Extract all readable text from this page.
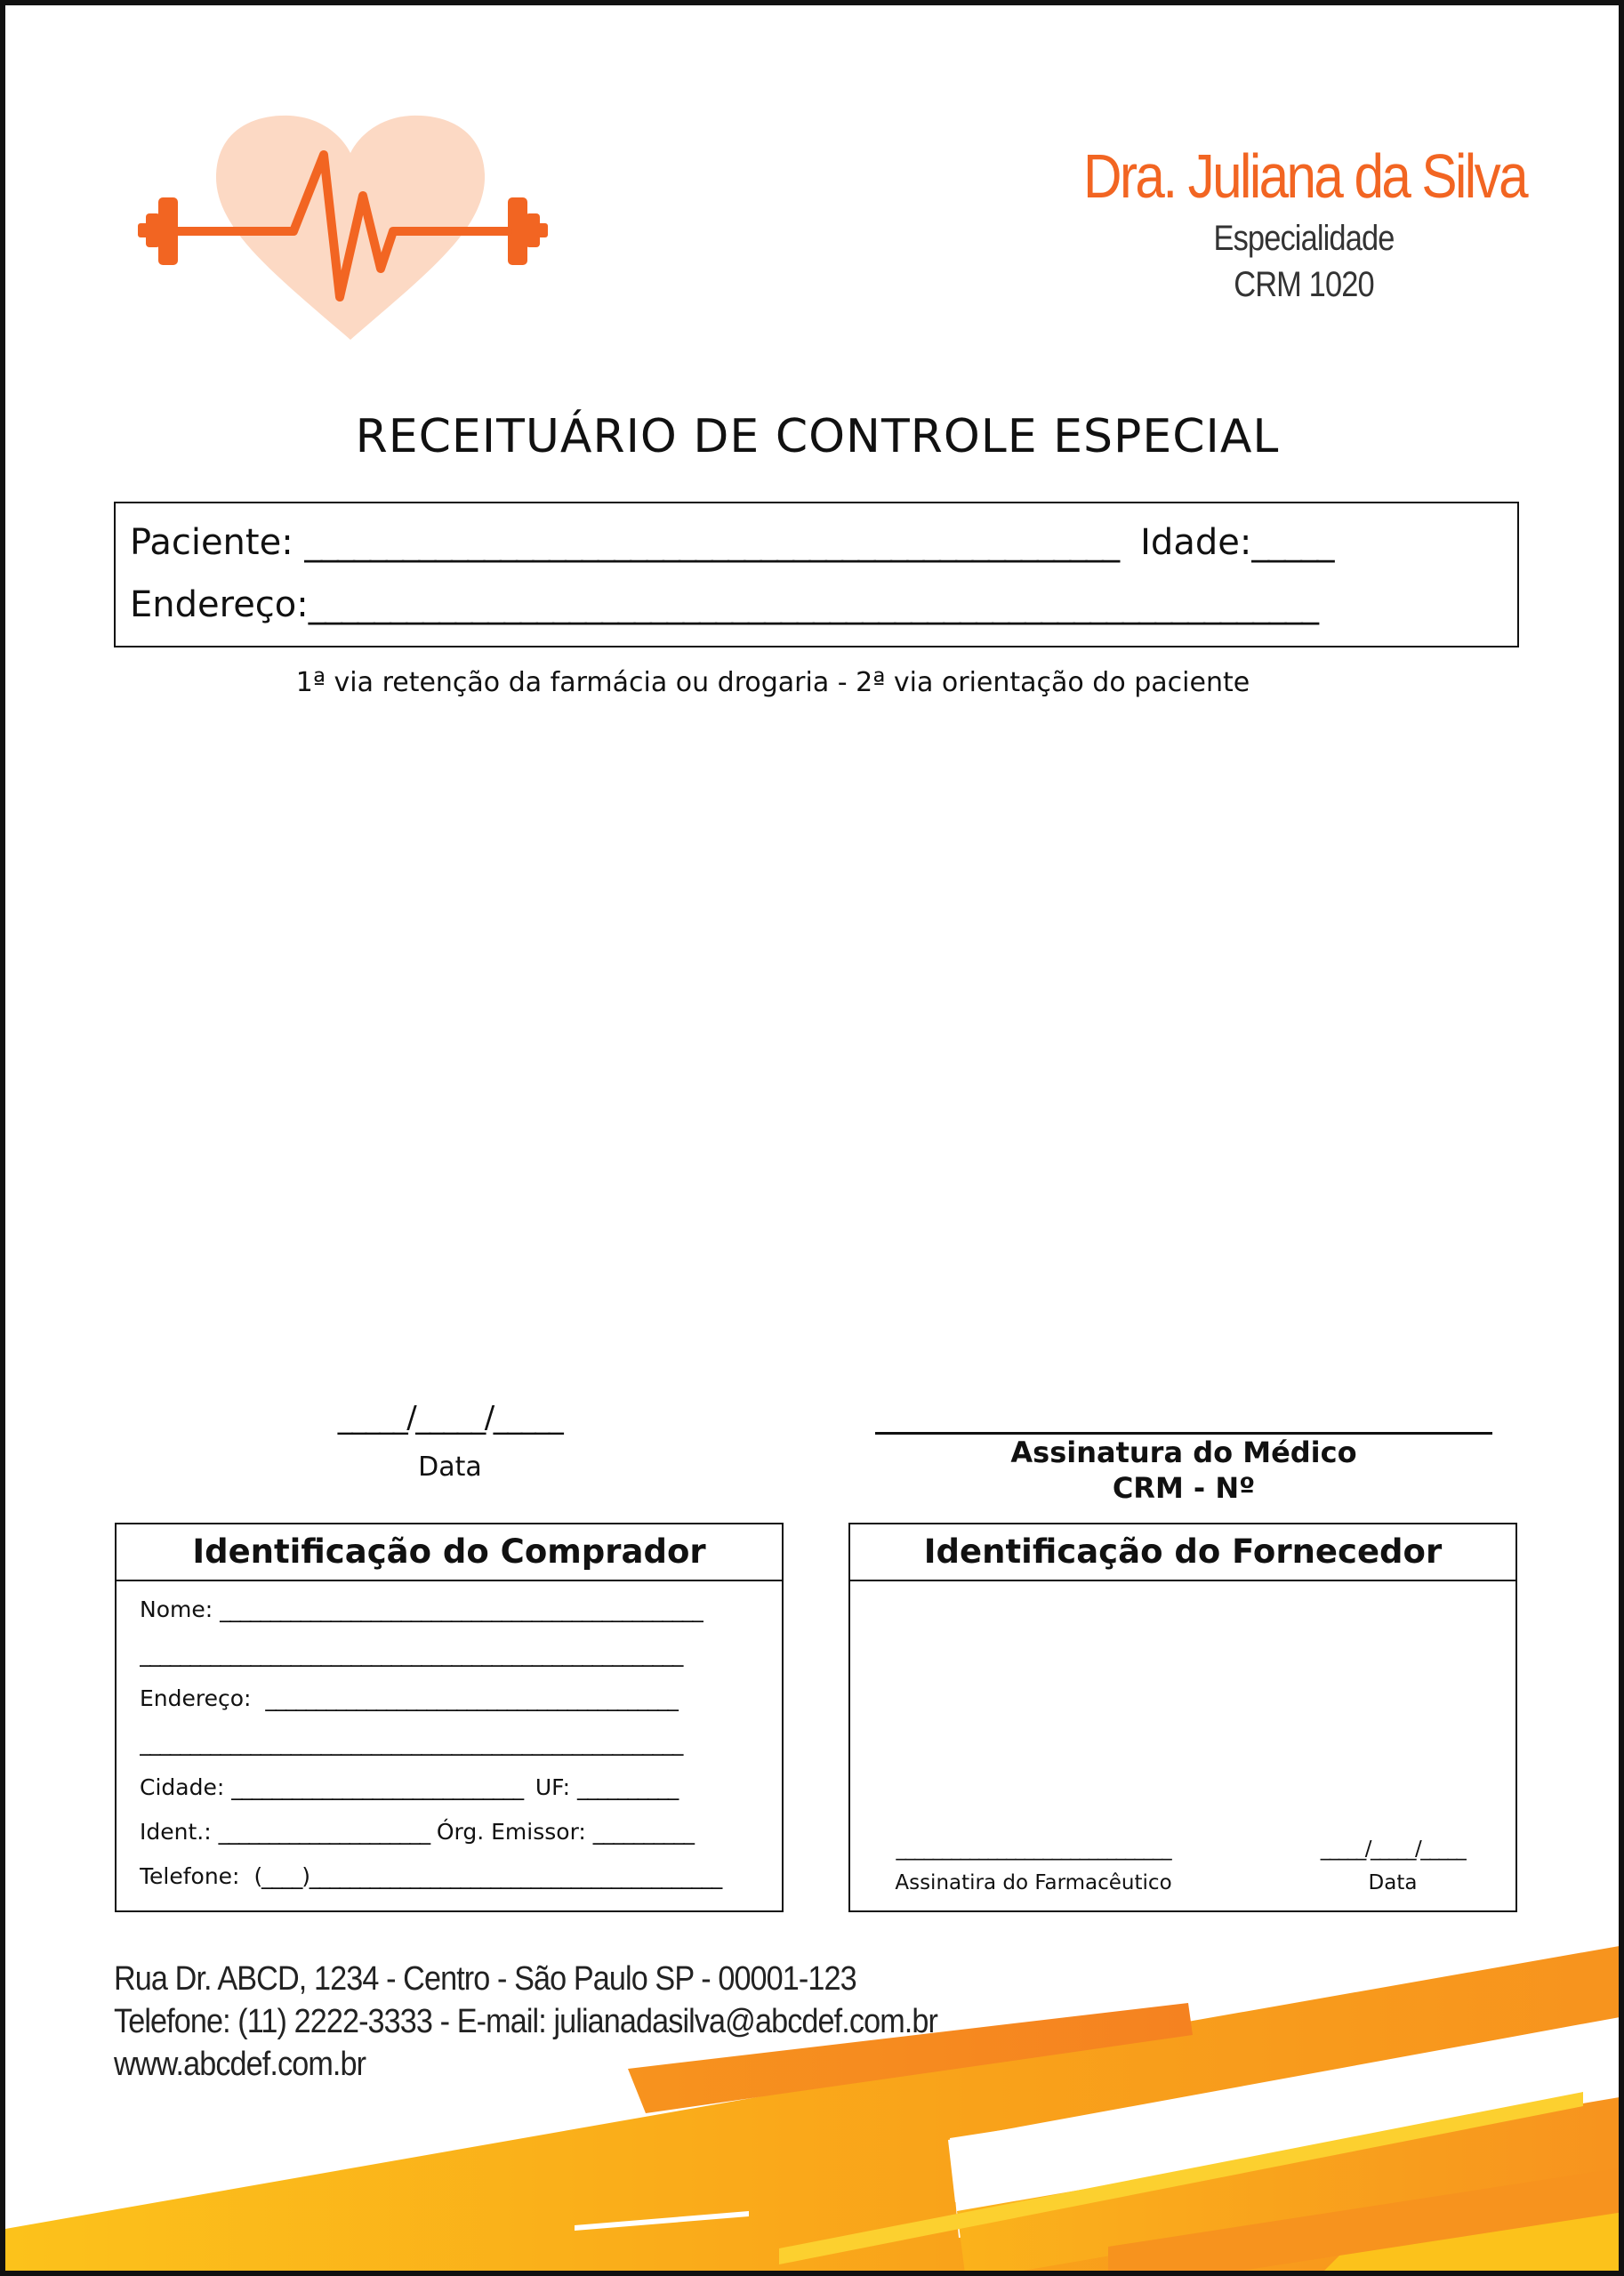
Dra. Juliana da Silva
Especialidade
CRM 1020
RECEITUÁRIO DE CONTROLE ESPECIAL
Paciente: __________________________________________________ Idade:_____
Endereço:______________________________________________________________
1ª via retenção da farmácia ou drogaria - 2ª via orientação do paciente
_____/_____/_____
Data	Assinatura do Médico
CRM - Nº
Identificação do Comprador
Nome: ________________________________________________
______________________________________________________
Endereço: _________________________________________
______________________________________________________
Cidade: _____________________________ UF: __________
Ident.: _____________________ Órg. Emissor: __________
Telefone: (____)_________________________________________
Identificação do Fornecedor
______________________________
Assinatira do Farmacêutico
_____/_____/_____
Data
Rua Dr. ABCD, 1234 - Centro - São Paulo SP - 00001-123
Telefone: (11) 2222-3333 - E-mail: julianadasilva@abcdef.com.br
www.abcdef.com.br
